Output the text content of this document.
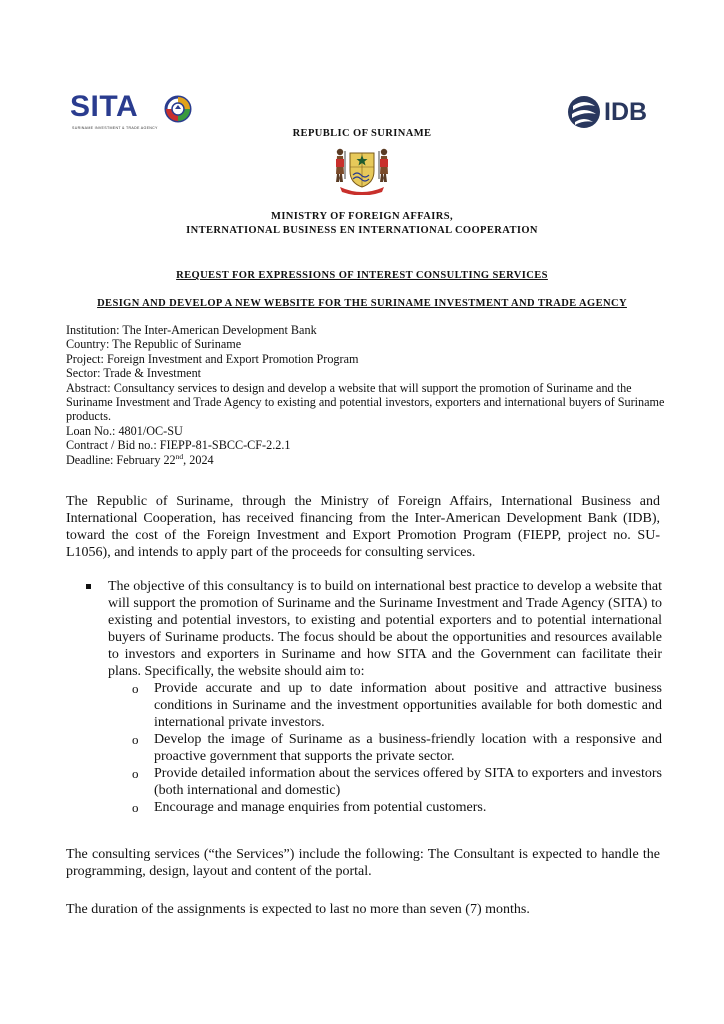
SITA
SURINAME INVESTMENT & TRADE AGENCY
IDB
REPUBLIC OF SURINAME
MINISTRY OF FOREIGN AFFAIRS,
INTERNATIONAL BUSINESS EN INTERNATIONAL COOPERATION
REQUEST FOR EXPRESSIONS OF INTEREST CONSULTING SERVICES
DESIGN AND DEVELOP A NEW WEBSITE FOR THE SURINAME INVESTMENT AND TRADE AGENCY

Institution: The Inter-American Development Bank

Country: The Republic of Suriname

Project: Foreign Investment and Export Promotion Program

Sector: Trade & Investment

Abstract: Consultancy services to design and develop a website that will support the promotion of Suriname and the Suriname Investment and Trade Agency to existing and potential investors, exporters and international buyers of Suriname products.

Loan No.: 4801/OC-SU

Contract / Bid no.: FIEPP-81-SBCC-CF-2.2.1

Deadline: February 22nd, 2024

The Republic of Suriname, through the Ministry of Foreign Affairs, International Business and International Cooperation, has received financing from the Inter-American Development Bank (IDB), toward the cost of the Foreign Investment and Export Promotion Program (FIEPP, project no. SU-L1056), and intends to apply part of the proceeds for consulting services.

The objective of this consultancy is to build on international best practice to develop a website that will support the promotion of Suriname and the Suriname Investment and Trade Agency (SITA) to existing and potential investors, to existing and potential exporters and to potential international buyers of Suriname products. The focus should be about the opportunities and resources available to investors and exporters in Suriname and how SITA and the Government can facilitate their plans. Specifically, the website should aim to:
o Provide accurate and up to date information about positive and attractive business conditions in Suriname and the investment opportunities available for both domestic and international private investors.
o Develop the image of Suriname as a business-friendly location with a responsive and proactive government that supports the private sector.
o Provide detailed information about the services offered by SITA to exporters and investors (both international and domestic)
o Encourage and manage enquiries from potential customers.

The consulting services (“the Services”) include the following: The Consultant is expected to handle the programming, design, layout and content of the portal.

The duration of the assignments is expected to last no more than seven (7) months.
